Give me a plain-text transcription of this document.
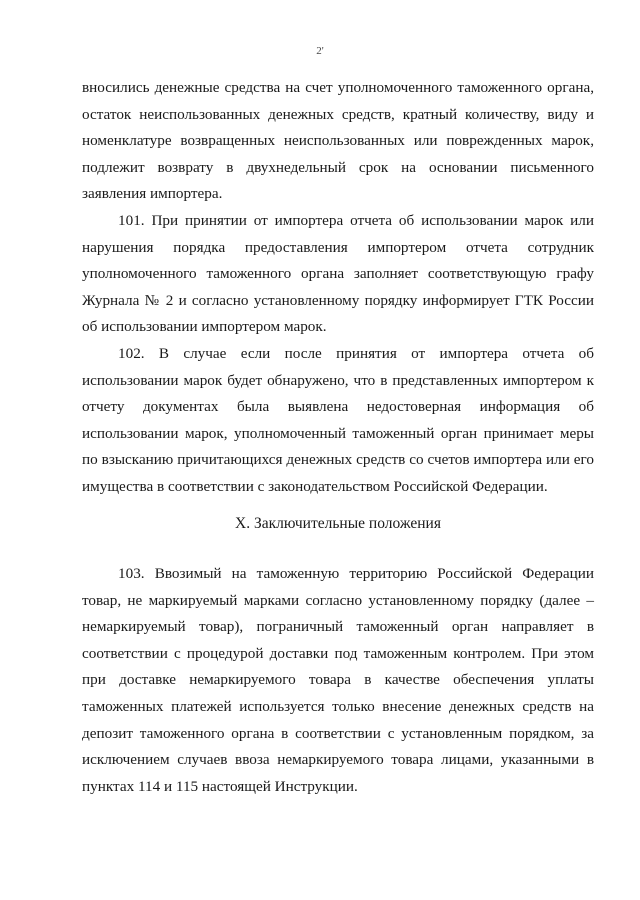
2'

вносились денежные средства на счет уполномоченного таможенного органа, остаток неиспользованных денежных средств, кратный количеству, виду и номенклатуре возвращенных неиспользованных или поврежденных марок, подлежит возврату в двухнедельный срок на основании письменного заявления импортера.

101. При принятии от импортера отчета об использовании марок или нарушения порядка предоставления импортером отчета сотрудник уполномоченного таможенного органа заполняет соответствующую графу Журнала № 2 и согласно установленному порядку информирует ГТК России об использовании импортером марок.

102. В случае если после принятия от импортера отчета об использовании марок будет обнаружено, что в представленных импортером к отчету документах была выявлена недостоверная информация об использовании марок, уполномоченный таможенный орган принимает меры по взысканию причитающихся денежных средств со счетов импортера или его имущества в соответствии с законодательством Российской Федерации.

X. Заключительные положения

103. Ввозимый на таможенную территорию Российской Федерации товар, не маркируемый марками согласно установленному порядку (далее – немаркируемый товар), пограничный таможенный орган направляет в соответствии с процедурой доставки под таможенным контролем. При этом при доставке немаркируемого товара в качестве обеспечения уплаты таможенных платежей используется только внесение денежных средств на депозит таможенного органа в соответствии с установленным порядком, за исключением случаев ввоза немаркируемого товара лицами, указанными в пунктах 114 и 115 настоящей Инструкции.
